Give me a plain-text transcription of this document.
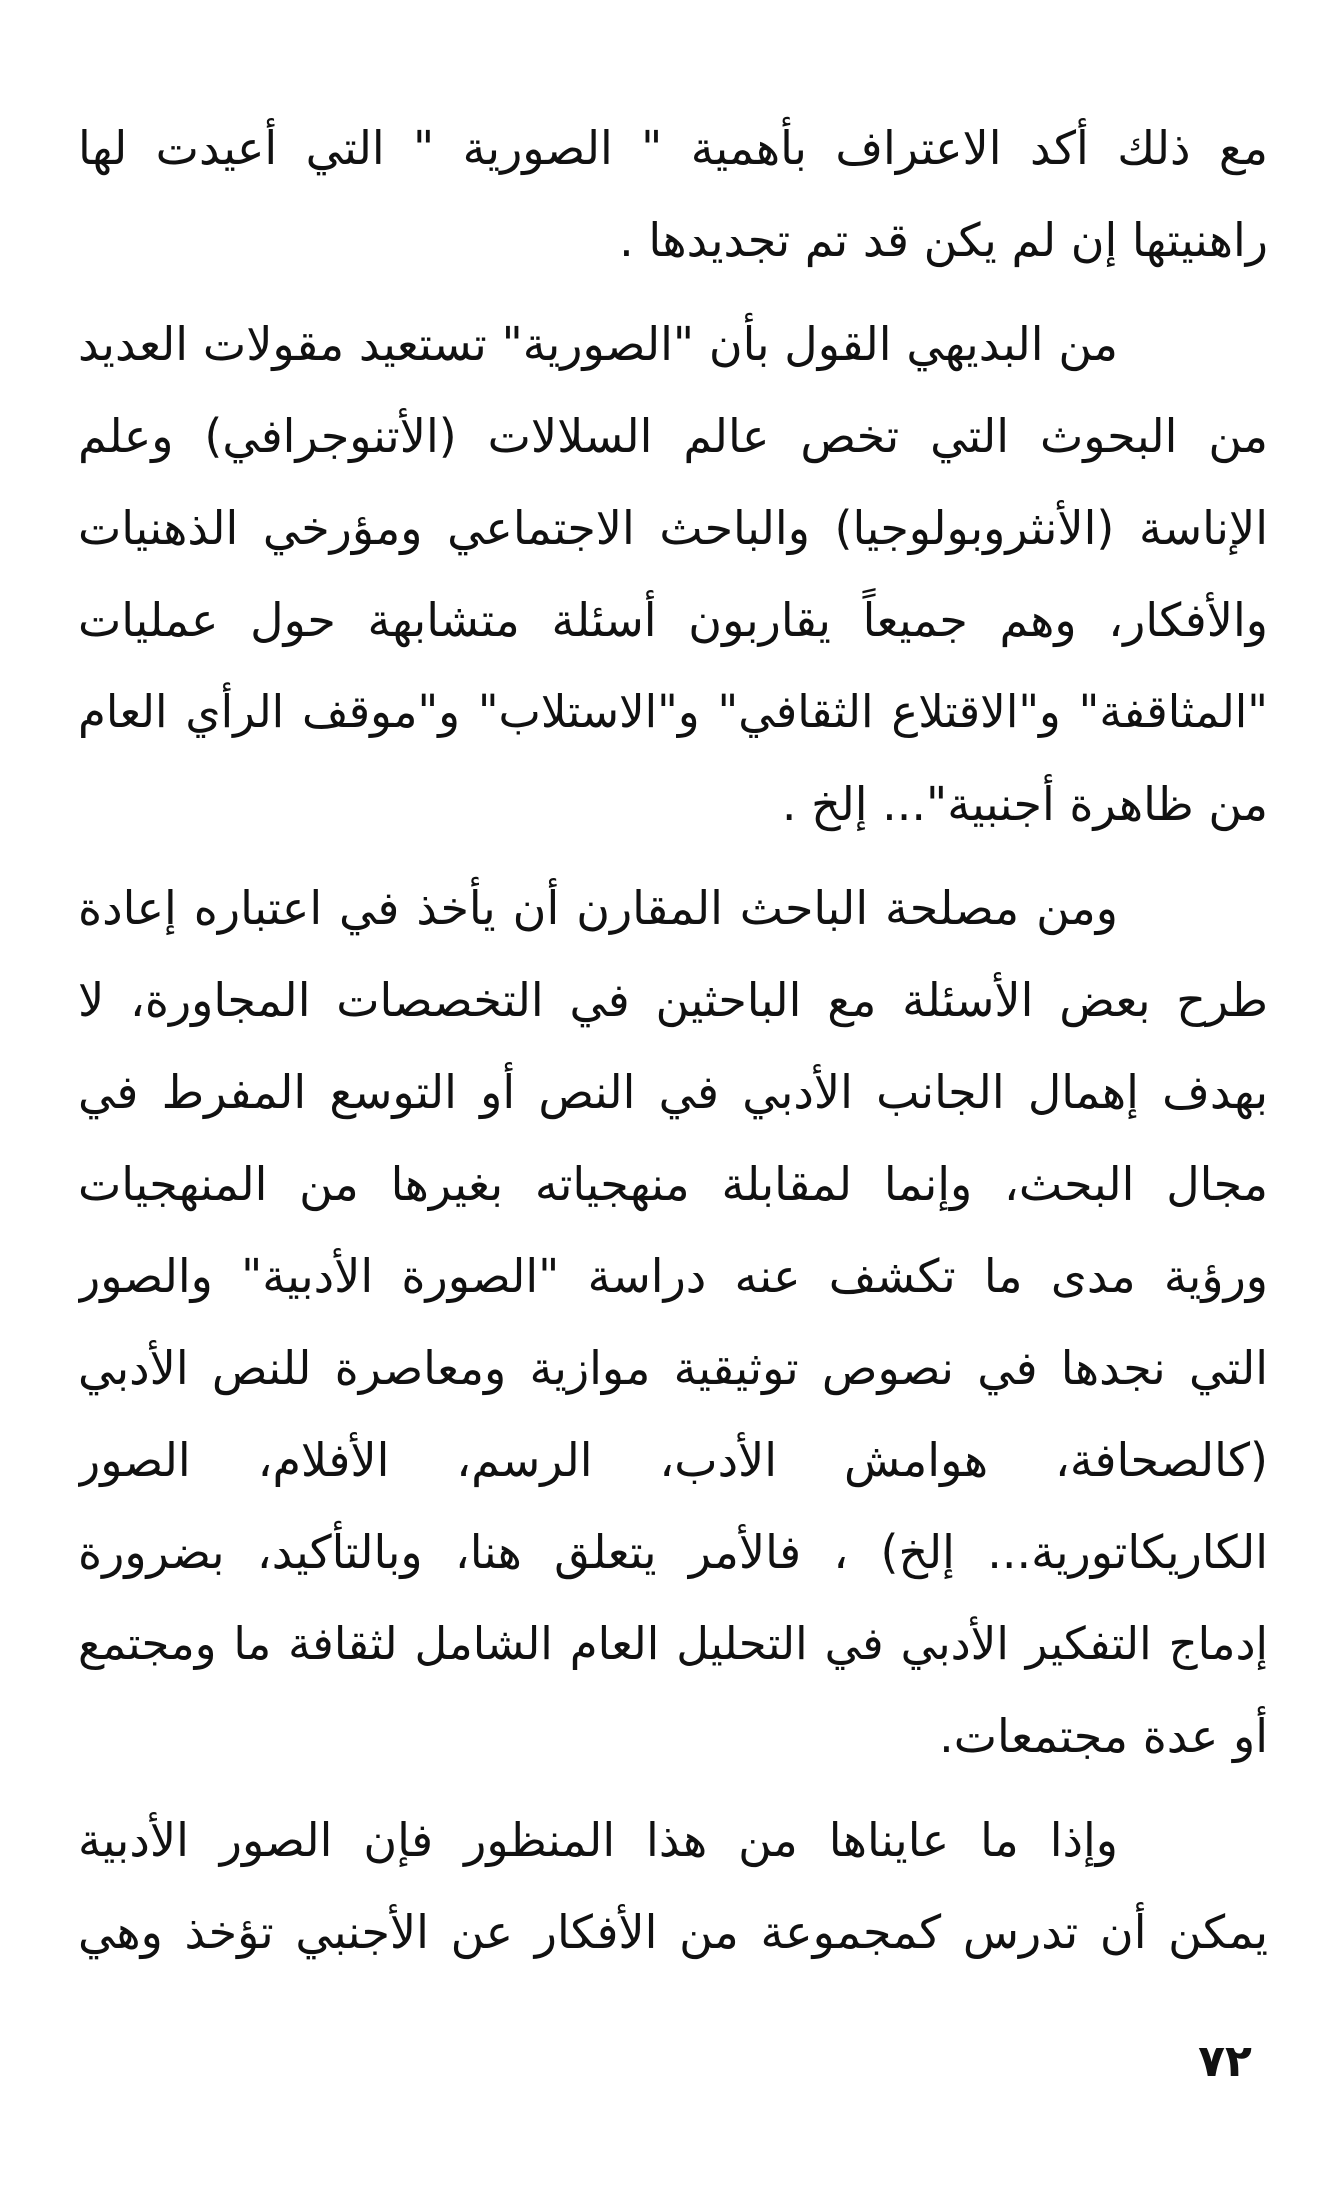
مع ذلك أكد الاعتراف بأهمية " الصورية " التي أعيدت لها
راهنيتها إن لم يكن قد تم تجديدها .
من البديهي القول بأن "الصورية" تستعيد مقولات العديد
من البحوث التي تخص عالم السلالات (الأتنوجرافي) وعلم
الإناسة (الأنثروبولوجيا) والباحث الاجتماعي ومؤرخي الذهنيات
والأفكار، وهم جميعاً يقاربون أسئلة متشابهة حول عمليات
"المثاقفة" و"الاقتلاع الثقافي" و"الاستلاب" و"موقف الرأي العام
من ظاهرة أجنبية"... إلخ .
ومن مصلحة الباحث المقارن أن يأخذ في اعتباره إعادة
طرح بعض الأسئلة مع الباحثين في التخصصات المجاورة، لا
بهدف إهمال الجانب الأدبي في النص أو التوسع المفرط في
مجال البحث، وإنما لمقابلة منهجياته بغيرها من المنهجيات
ورؤية مدى ما تكشف عنه دراسة "الصورة الأدبية" والصور
التي نجدها في نصوص توثيقية موازية ومعاصرة للنص الأدبي
(كالصحافة، هوامش الأدب، الرسم، الأفلام، الصور
الكاريكاتورية... إلخ) ، فالأمر يتعلق هنا، وبالتأكيد، بضرورة
إدماج التفكير الأدبي في التحليل العام الشامل لثقافة ما ومجتمع
أو عدة مجتمعات.
وإذا ما عايناها من هذا المنظور فإن الصور الأدبية
يمكن أن تدرس كمجموعة من الأفكار عن الأجنبي تؤخذ وهي
٧٢
